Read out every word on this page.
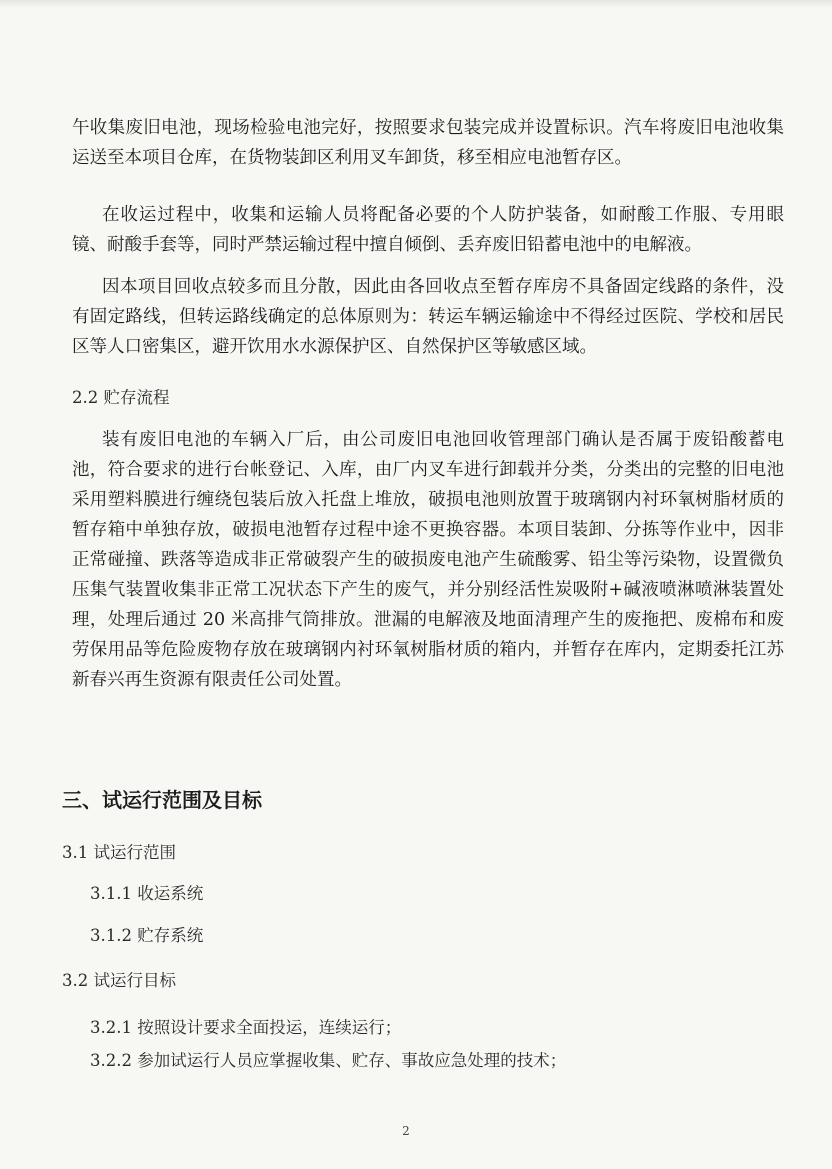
午收集废旧电池，现场检验电池完好，按照要求包装完成并设置标识。汽车将废旧电池收集运送至本项目仓库，在货物装卸区利用叉车卸货，移至相应电池暂存区。

在收运过程中，收集和运输人员将配备必要的个人防护装备，如耐酸工作服、专用眼镜、耐酸手套等，同时严禁运输过程中擅自倾倒、丢弃废旧铅蓄电池中的电解液。

因本项目回收点较多而且分散，因此由各回收点至暂存库房不具备固定线路的条件，没有固定路线，但转运路线确定的总体原则为：转运车辆运输途中不得经过医院、学校和居民区等人口密集区，避开饮用水水源保护区、自然保护区等敏感区域。

2.2 贮存流程

装有废旧电池的车辆入厂后，由公司废旧电池回收管理部门确认是否属于废铅酸蓄电池，符合要求的进行台帐登记、入库，由厂内叉车进行卸载并分类，分类出的完整的旧电池采用塑料膜进行缠绕包装后放入托盘上堆放，破损电池则放置于玻璃钢内衬环氧树脂材质的暂存箱中单独存放，破损电池暂存过程中途不更换容器。本项目装卸、分拣等作业中，因非正常碰撞、跌落等造成非正常破裂产生的破损废电池产生硫酸雾、铅尘等污染物，设置微负压集气装置收集非正常工况状态下产生的废气，并分别经活性炭吸附+碱液喷淋喷淋装置处理，处理后通过 20 米高排气筒排放。泄漏的电解液及地面清理产生的废拖把、废棉布和废劳保用品等危险废物存放在玻璃钢内衬环氧树脂材质的箱内，并暂存在库内，定期委托江苏新春兴再生资源有限责任公司处置。

三、试运行范围及目标

3.1 试运行范围

3.1.1 收运系统

3.1.2 贮存系统

3.2 试运行目标

3.2.1 按照设计要求全面投运，连续运行；

3.2.2 参加试运行人员应掌握收集、贮存、事故应急处理的技术；

2
